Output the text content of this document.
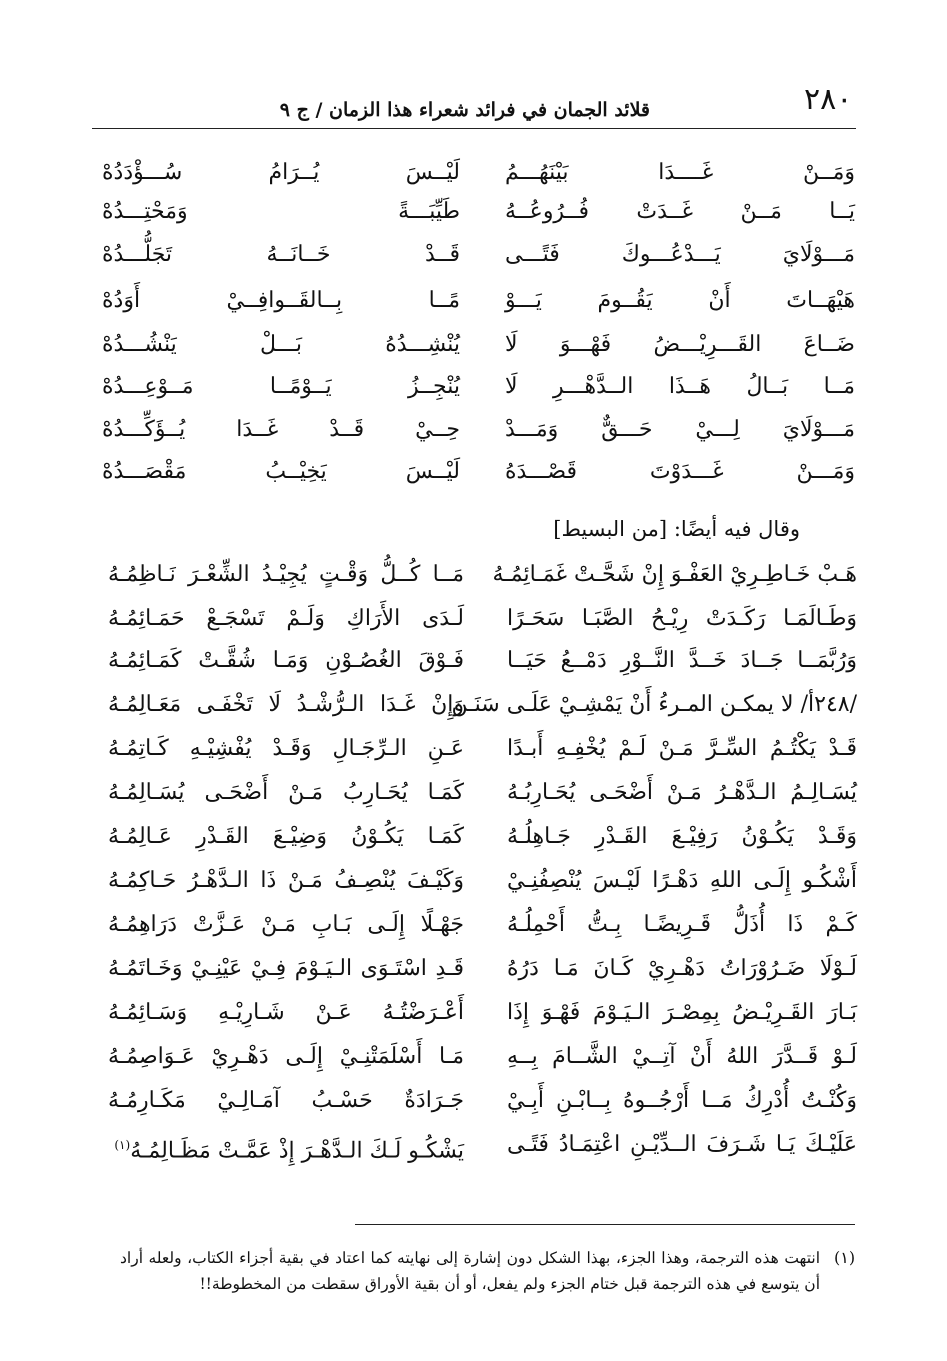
٢٨٠
قلائد الجمان في فرائد شعراء هذا الزمان / ج ٩
وَمَــنْ غَــــدَا بَيْنَهُـــمُ
لَيْــسَ يُــرَامُ سُـــؤْدَدُهْ
يَــا مَــنْ غَــدَتْ فُــرُوعُــهُ
طَيِّبَـــةً وَمَحْتِـــدُهْ
مَـــوْلَايَ يَـــدْعُـــوكَ فَتًـــى
قَــدْ خَــانَــهُ تَجَلُّـــدُهْ
هَيْهَــاتَ أَنْ يَقُــومَ يَـــوْ
مًــا بِــالقَــوافِــيْ أَوَدُهْ
ضَــاعَ القَـــرِيْـــضُ فَهْـــوَ لَا
يُنْشِـــدُهُ بَـــلْ يَنْشُـــدُهْ
مَــا بَــالُ هَــذَا الــدَّهْـــرِ لَا
يُنْجِــزُ يَــوْمًــا مَــوْعِـــدُهْ
مَـــوْلَايَ لِـــيْ حَـــقٌّ وَمَـــدْ
حِــيْ قَــدْ غَــدَا يُــؤَكِّـــدُهْ
وَمَـــنْ غَـــدَوْتَ قَصْـــدَهُ
لَيْــسَ يَخِيْــبُ مَقْصَـــدُهْ
وقال فيه أيضًا: [من البسيط]
هَـبْ خَـاطِـرِيْ العَفْـوَ إِنْ شَحَّـتْ غَمَـائِمُـهُ
مَــا كُــلُّ وَقْـتٍ يُجِيْـدُ الشِّعْـرَ نَـاظِمُـهُ
وَطَـالَمَـا رَكَـدَتْ رِيْـحُ الصَّبَـا سَحَـرًا
لَـدَى الأَرَاكِ وَلَـمْ تَسْجَـعْ حَمَـائِمُـهُ
وَرُبَّمَــا جَــادَ خَــدَّ النَّــوْرِ دَمْــعُ حَيَــا
فَـوْقَ الغُصُـوْنِ وَمَـا شُقَّـتْ كَمَـائِمُـهُ
/٢٤٨أ/ لا يمكـن المـرءُ أَنْ يَمْشِـيْ عَلَـى سَنَـن
وَإِنْ غَـدَا الـرُّشْـدُ لَا تَخْفَـى مَعَـالِمُـهُ
قَـدْ يَكْتُـمُ السِّـرَّ مَـنْ لَـمْ يُخْفِـهِ أَبـدًا
عَـنِ الـرِّجَـالِ وَقَـدْ يُفْشِيْـهِ كَـاتِمُـهُ
يُسَـالِـمُ الـدَّهْـرُ مَـنْ أَضْحَـى يُحَـارِبُـهُ
كَمَـا يُحَـارِبُ مَـنْ أَضْحَـى يُسَـالِمُـهُ
وَقَـدْ يَكُـوْنُ رَفِيْـعَ القَـدْرِ جَـاهِلُـهُ
كَمَـا يَكُـوْنُ وَضِيْـعَ القَـدْرِ عَـالِمُـهُ
أَشْكُـو إِلَـى اللهِ دَهْـرًا لَيْـسَ يُنْصِفُنِـيْ
وَكَيْـفَ يُنْصِـفُ مَـنْ ذَا الـدَّهْـرُ حَـاكِمُـهُ
كَـمْ ذَا أُذَلُّ قَـرِيضًـا بِـتُّ أَحْمِلُـهُ
جَهْـلًا إِلَـى بَـابِ مَـنْ عَـزَّتْ دَرَاهِمُـهُ
لَـوْلَا ضَـرُوْرَاتُ دَهْـرِيْ كَـانَ مَـا دَرُهُ
قَـدِ اسْتَـوَى الـيَـوْمَ فِـيْ عَيْنِـيْ وَخَـاتَمُـهُ
بَـارَ القَـرِيْـضُ بِمِصْـرَ الـيَـوْمَ فَهْـوَ إِذَا
أَعْـرَضْتُـهُ عَـنْ شَـارِيْـهِ وَسَـائِمُـهُ
لَـوْ قَــدَّرَ اللهُ أَنْ آتِــيْ الشَّــامَ بِــهِ
مَـا أَسْلَمَتْنِـيْ إِلَـى دَهْـرِيْ عَـوَاصِمُـهُ
وَكُنْـتُ أُدْرِكُ مَــا أَرْجُــوهُ بِــابْـنِ أَبِـيْ
جَـرَادَةٌ حَسْـبُ آمَـالِـيْ مَكَـارِمُـهُ
عَلَيْـكَ يَـا شَـرَفَ الــدِّيْـنِ اعْتِمَـادُ فَتًـى
يَشْكُـو لَـكَ الـدَّهْـرَ إِذْ عَمَّـتْ مَظَـالِمُـهُ$^{(١)}$
(١)
انتهت هذه الترجمة، وهذا الجزء، بهذا الشكل دون إشارة إلى نهايته كما اعتاد في بقية أجزاء الكتاب، ولعله أراد أن يتوسع في هذه الترجمة قبل ختام الجزء ولم يفعل، أو أن بقية الأوراق سقطت من المخطوطة!!
